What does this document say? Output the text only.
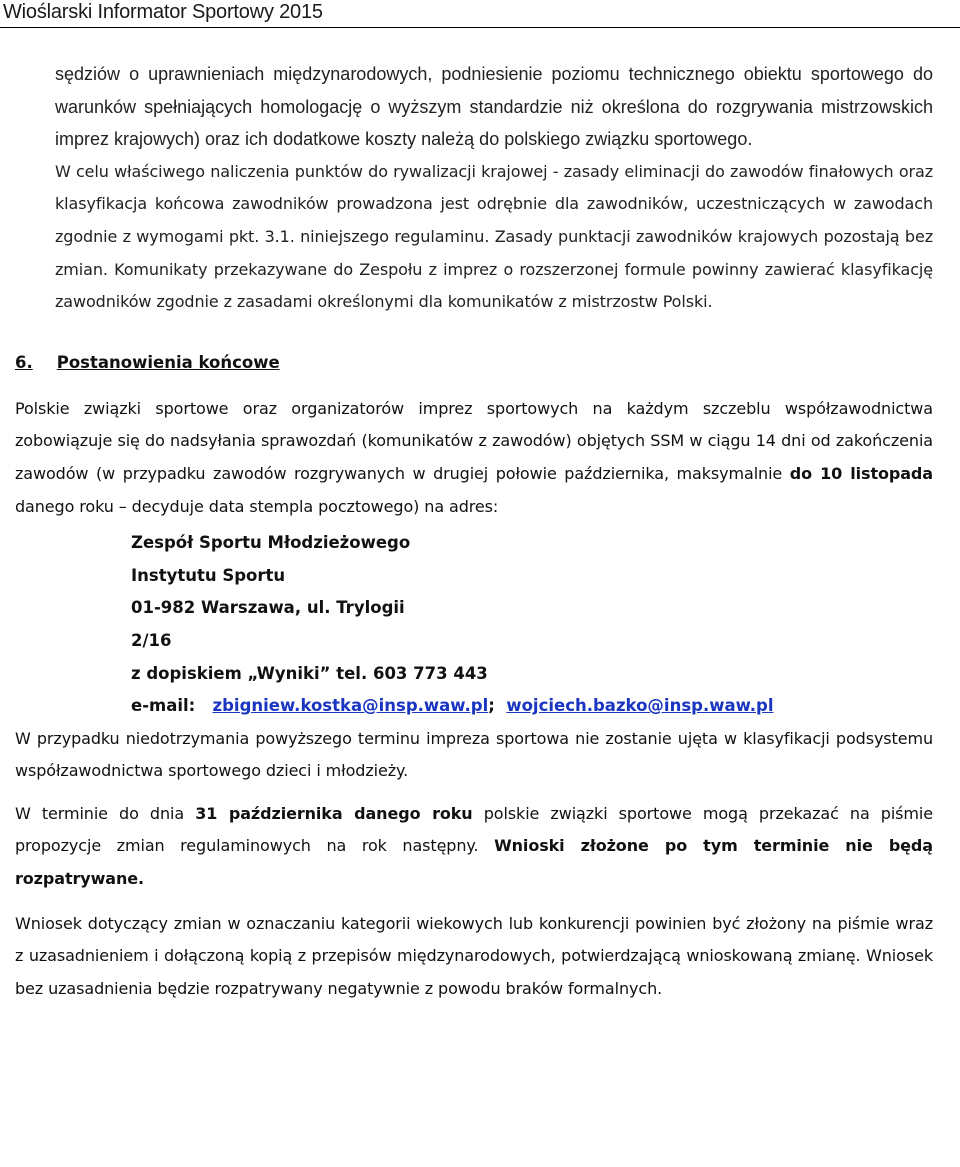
Wioślarski Informator Sportowy 2015

sędziów o uprawnieniach międzynarodowych, podniesienie poziomu technicznego obiektu sportowego do warunków spełniających homologację o wyższym standardzie niż określona do rozgrywania mistrzowskich imprez krajowych) oraz ich dodatkowe koszty należą do polskiego związku sportowego.

W celu właściwego naliczenia punktów do rywalizacji krajowej - zasady eliminacji do zawodów finałowych oraz klasyfikacja końcowa zawodników prowadzona jest odrębnie dla zawodników, uczestniczących w zawodach zgodnie z wymogami pkt. 3.1. niniejszego regulaminu. Zasady punktacji zawodników krajowych pozostają bez zmian. Komunikaty przekazywane do Zespołu z imprez o rozszerzonej formule powinny zawierać klasyfikację zawodników zgodnie z zasadami określonymi dla komunikatów z mistrzostw Polski.

6. Postanowienia końcowe

Polskie związki sportowe oraz organizatorów imprez sportowych na każdym szczeblu współzawodnictwa zobowiązuje się do nadsyłania sprawozdań (komunikatów z zawodów) objętych SSM w ciągu 14 dni od zakończenia zawodów (w przypadku zawodów rozgrywanych w drugiej połowie października, maksymalnie do 10 listopada danego roku – decyduje data stempla pocztowego) na adres:

Zespół Sportu Młodzieżowego
Instytutu Sportu
01-982 Warszawa, ul. Trylogii
2/16
z dopiskiem „Wyniki” tel. 603 773 443
e-mail: zbigniew.kostka@insp.waw.pl; wojciech.bazko@insp.waw.pl

W przypadku niedotrzymania powyższego terminu impreza sportowa nie zostanie ujęta w klasyfikacji podsystemu współzawodnictwa sportowego dzieci i młodzieży.

W terminie do dnia 31 października danego roku polskie związki sportowe mogą przekazać na piśmie propozycje zmian regulaminowych na rok następny. Wnioski złożone po tym terminie nie będą rozpatrywane.

Wniosek dotyczący zmian w oznaczaniu kategorii wiekowych lub konkurencji powinien być złożony na piśmie wraz z uzasadnieniem i dołączoną kopią z przepisów międzynarodowych, potwierdzającą wnioskowaną zmianę. Wniosek bez uzasadnienia będzie rozpatrywany negatywnie z powodu braków formalnych.
